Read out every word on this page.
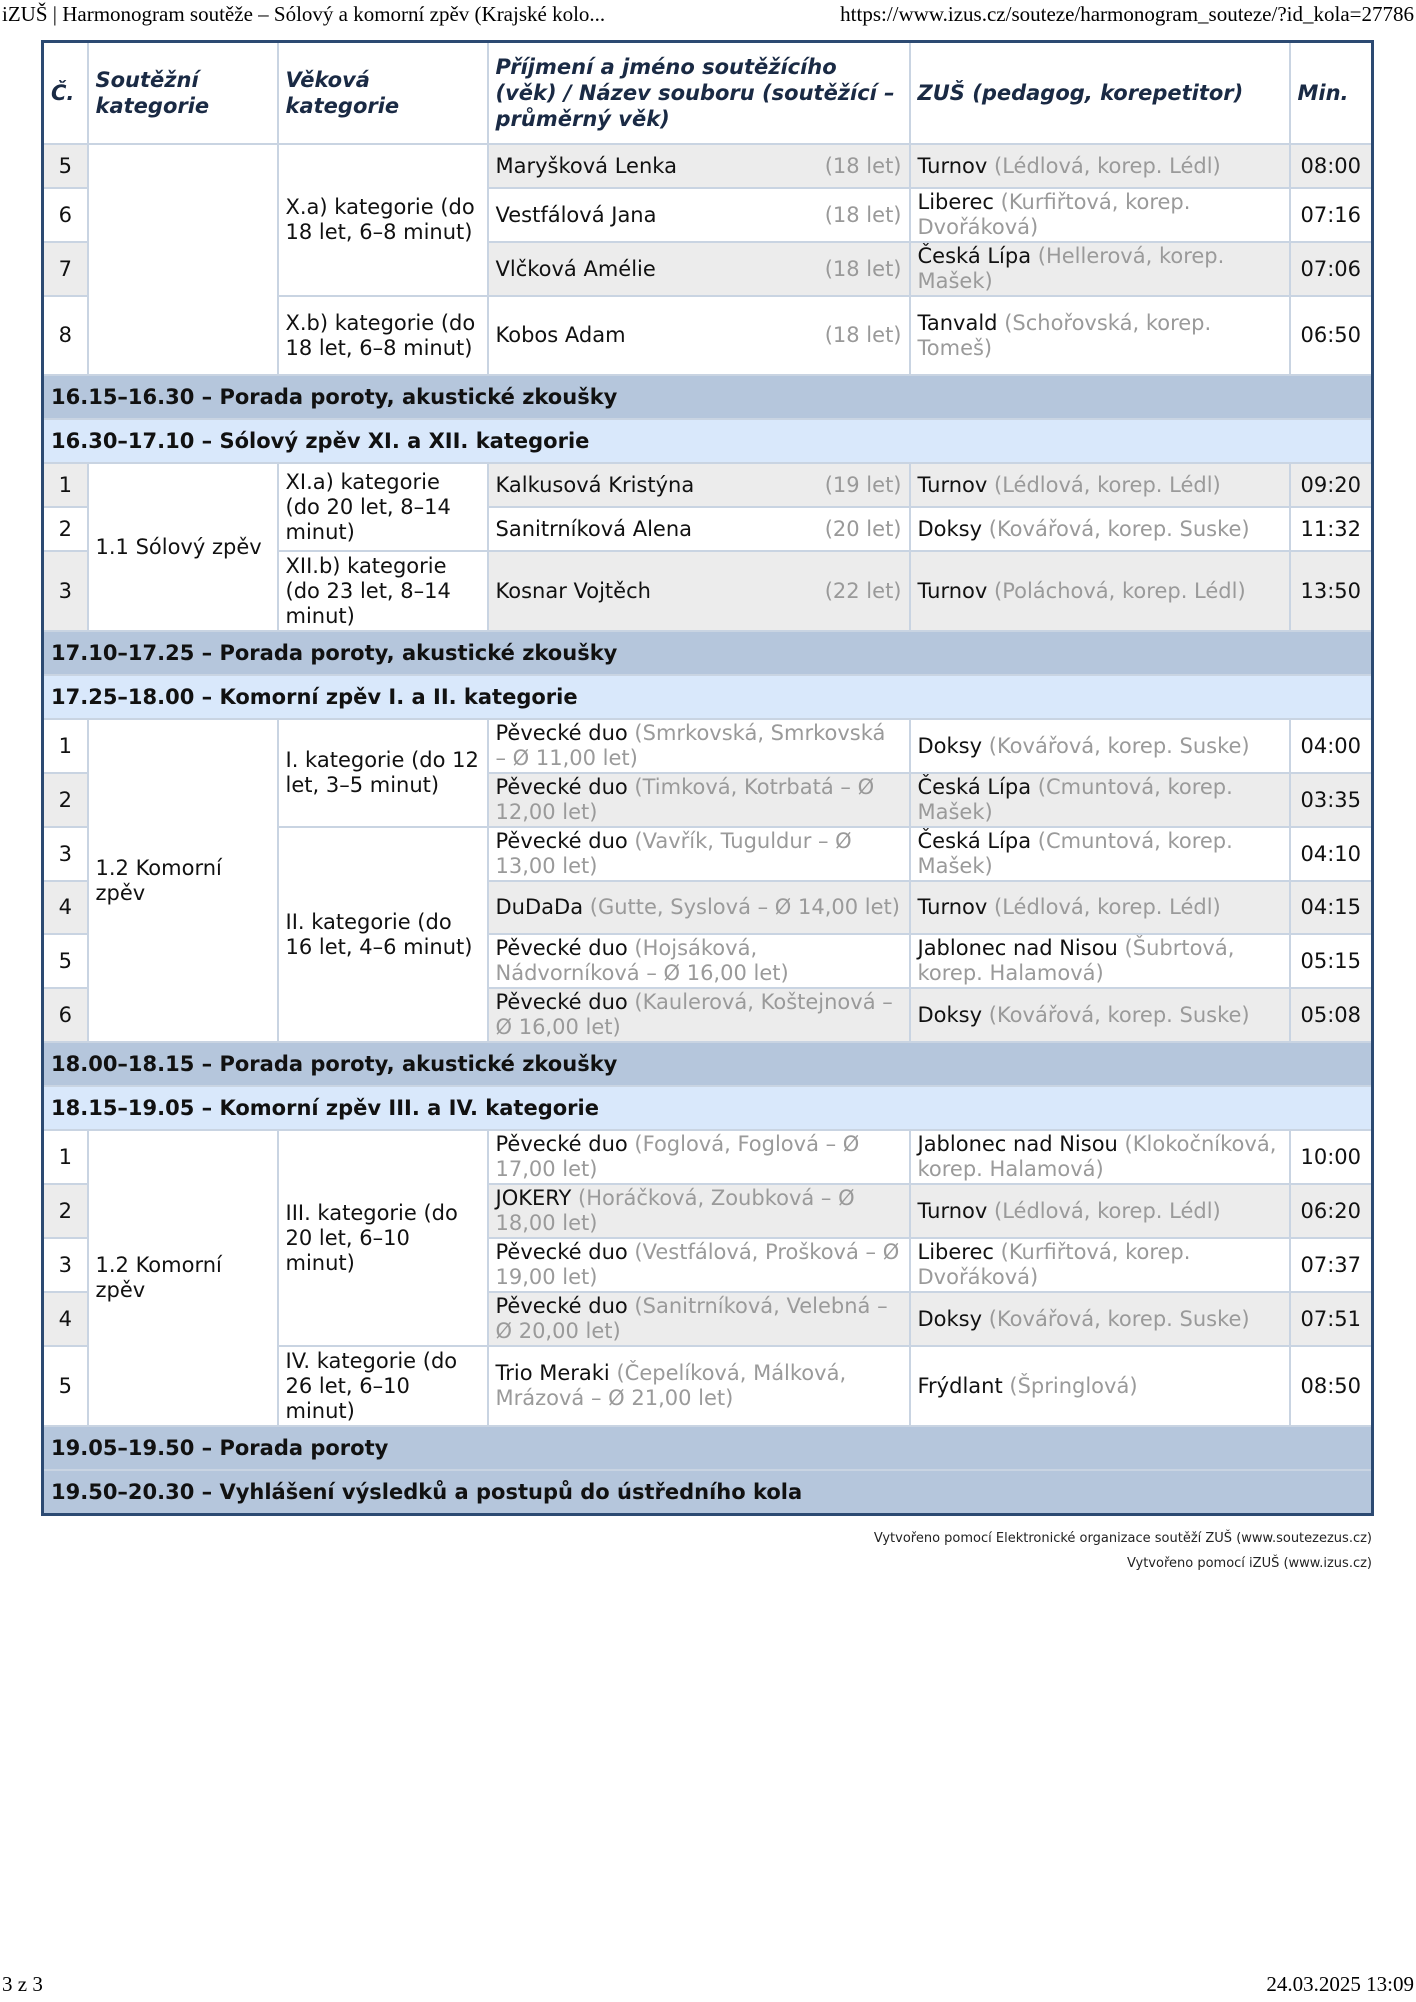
iZUŠ | Harmonogram soutěže – Sólový a komorní zpěv (Krajské kolo...	https://www.izus.cz/souteze/harmonogram_souteze/?id_kola=27786
Č.	Soutěžní kategorie	Věková kategorie	Příjmení a jméno soutěžícího (věk) / Název souboru (soutěžící – průměrný věk)	ZUŠ (pedagog, korepetitor)	Min.
5		X.a) kategorie (do 18 let, 6–8 minut)	Maryšková Lenka (18 let)	Turnov (Lédlová, korep. Lédl)	08:00
6			Vestfálová Jana (18 let)	Liberec (Kurfiřtová, korep. Dvořáková)	07:16
7			Vlčková Amélie (18 let)	Česká Lípa (Hellerová, korep. Mašek)	07:06
8		X.b) kategorie (do 18 let, 6–8 minut)	Kobos Adam (18 let)	Tanvald (Schořovská, korep. Tomeš)	06:50
16.15–16.30 – Porada poroty, akustické zkoušky					
16.30–17.10 – Sólový zpěv XI. a XII. kategorie					
1	1.1 Sólový zpěv	XI.a) kategorie (do 20 let, 8–14 minut)	Kalkusová Kristýna (19 let)	Turnov (Lédlová, korep. Lédl)	09:20
2			Sanitrníková Alena (20 let)	Doksy (Kovářová, korep. Suske)	11:32
3		XII.b) kategorie (do 23 let, 8–14 minut)	Kosnar Vojtěch (22 let)	Turnov (Poláchová, korep. Lédl)	13:50
17.10–17.25 – Porada poroty, akustické zkoušky					
17.25–18.00 – Komorní zpěv I. a II. kategorie					
1	1.2 Komorní zpěv	I. kategorie (do 12 let, 3–5 minut)	Pěvecké duo (Smrkovská, Smrkovská – Ø 11,00 let)	Doksy (Kovářová, korep. Suske)	04:00
2			Pěvecké duo (Timková, Kotrbatá – Ø 12,00 let)	Česká Lípa (Cmuntová, korep. Mašek)	03:35
3		II. kategorie (do 16 let, 4–6 minut)	Pěvecké duo (Vavřík, Tuguldur – Ø 13,00 let)	Česká Lípa (Cmuntová, korep. Mašek)	04:10
4			DuDaDa (Gutte, Syslová – Ø 14,00 let)	Turnov (Lédlová, korep. Lédl)	04:15
5			Pěvecké duo (Hojsáková, Nádvorníková – Ø 16,00 let)	Jablonec nad Nisou (Šubrtová, korep. Halamová)	05:15
6			Pěvecké duo (Kaulerová, Koštejnová – Ø 16,00 let)	Doksy (Kovářová, korep. Suske)	05:08
18.00–18.15 – Porada poroty, akustické zkoušky					
18.15–19.05 – Komorní zpěv III. a IV. kategorie					
1	1.2 Komorní zpěv	III. kategorie (do 20 let, 6–10 minut)	Pěvecké duo (Foglová, Foglová – Ø 17,00 let)	Jablonec nad Nisou (Klokočníková, korep. Halamová)	10:00
2			JOKERY (Horáčková, Zoubková – Ø 18,00 let)	Turnov (Lédlová, korep. Lédl)	06:20
3			Pěvecké duo (Vestfálová, Prošková – Ø 19,00 let)	Liberec (Kurfiřtová, korep. Dvořáková)	07:37
4			Pěvecké duo (Sanitrníková, Velebná – Ø 20,00 let)	Doksy (Kovářová, korep. Suske)	07:51
5		IV. kategorie (do 26 let, 6–10 minut)	Trio Meraki (Čepelíková, Málková, Mrázová – Ø 21,00 let)	Frýdlant (Špringlová)	08:50
19.05–19.50 – Porada poroty					
19.50–20.30 – Vyhlášení výsledků a postupů do ústředního kola					
Vytvořeno pomocí Elektronické organizace soutěží ZUŠ (www.soutezezus.cz)
Vytvořeno pomocí iZUŠ (www.izus.cz)
3 z 3	24.03.2025 13:09
